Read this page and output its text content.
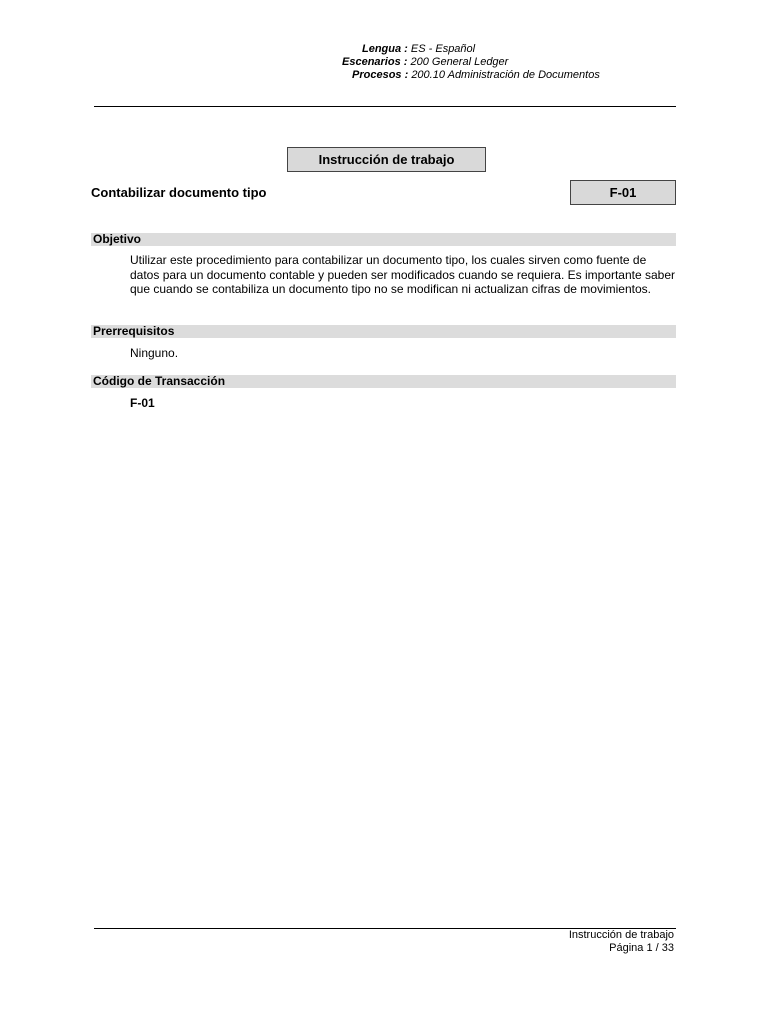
Lengua : ES - Español
Escenarios : 200 General Ledger
Procesos : 200.10 Administración de Documentos
Instrucción de trabajo
Contabilizar documento tipo	F-01
Objetivo
Utilizar este procedimiento para contabilizar un documento tipo, los cuales sirven como fuente de datos para un documento contable y pueden ser modificados cuando se requiera. Es importante saber que cuando se contabiliza un documento tipo no se modifican ni actualizan cifras de movimientos.
Prerrequisitos
Ninguno.
Código de Transacción
F-01
Instrucción de trabajo
Página 1 / 33
